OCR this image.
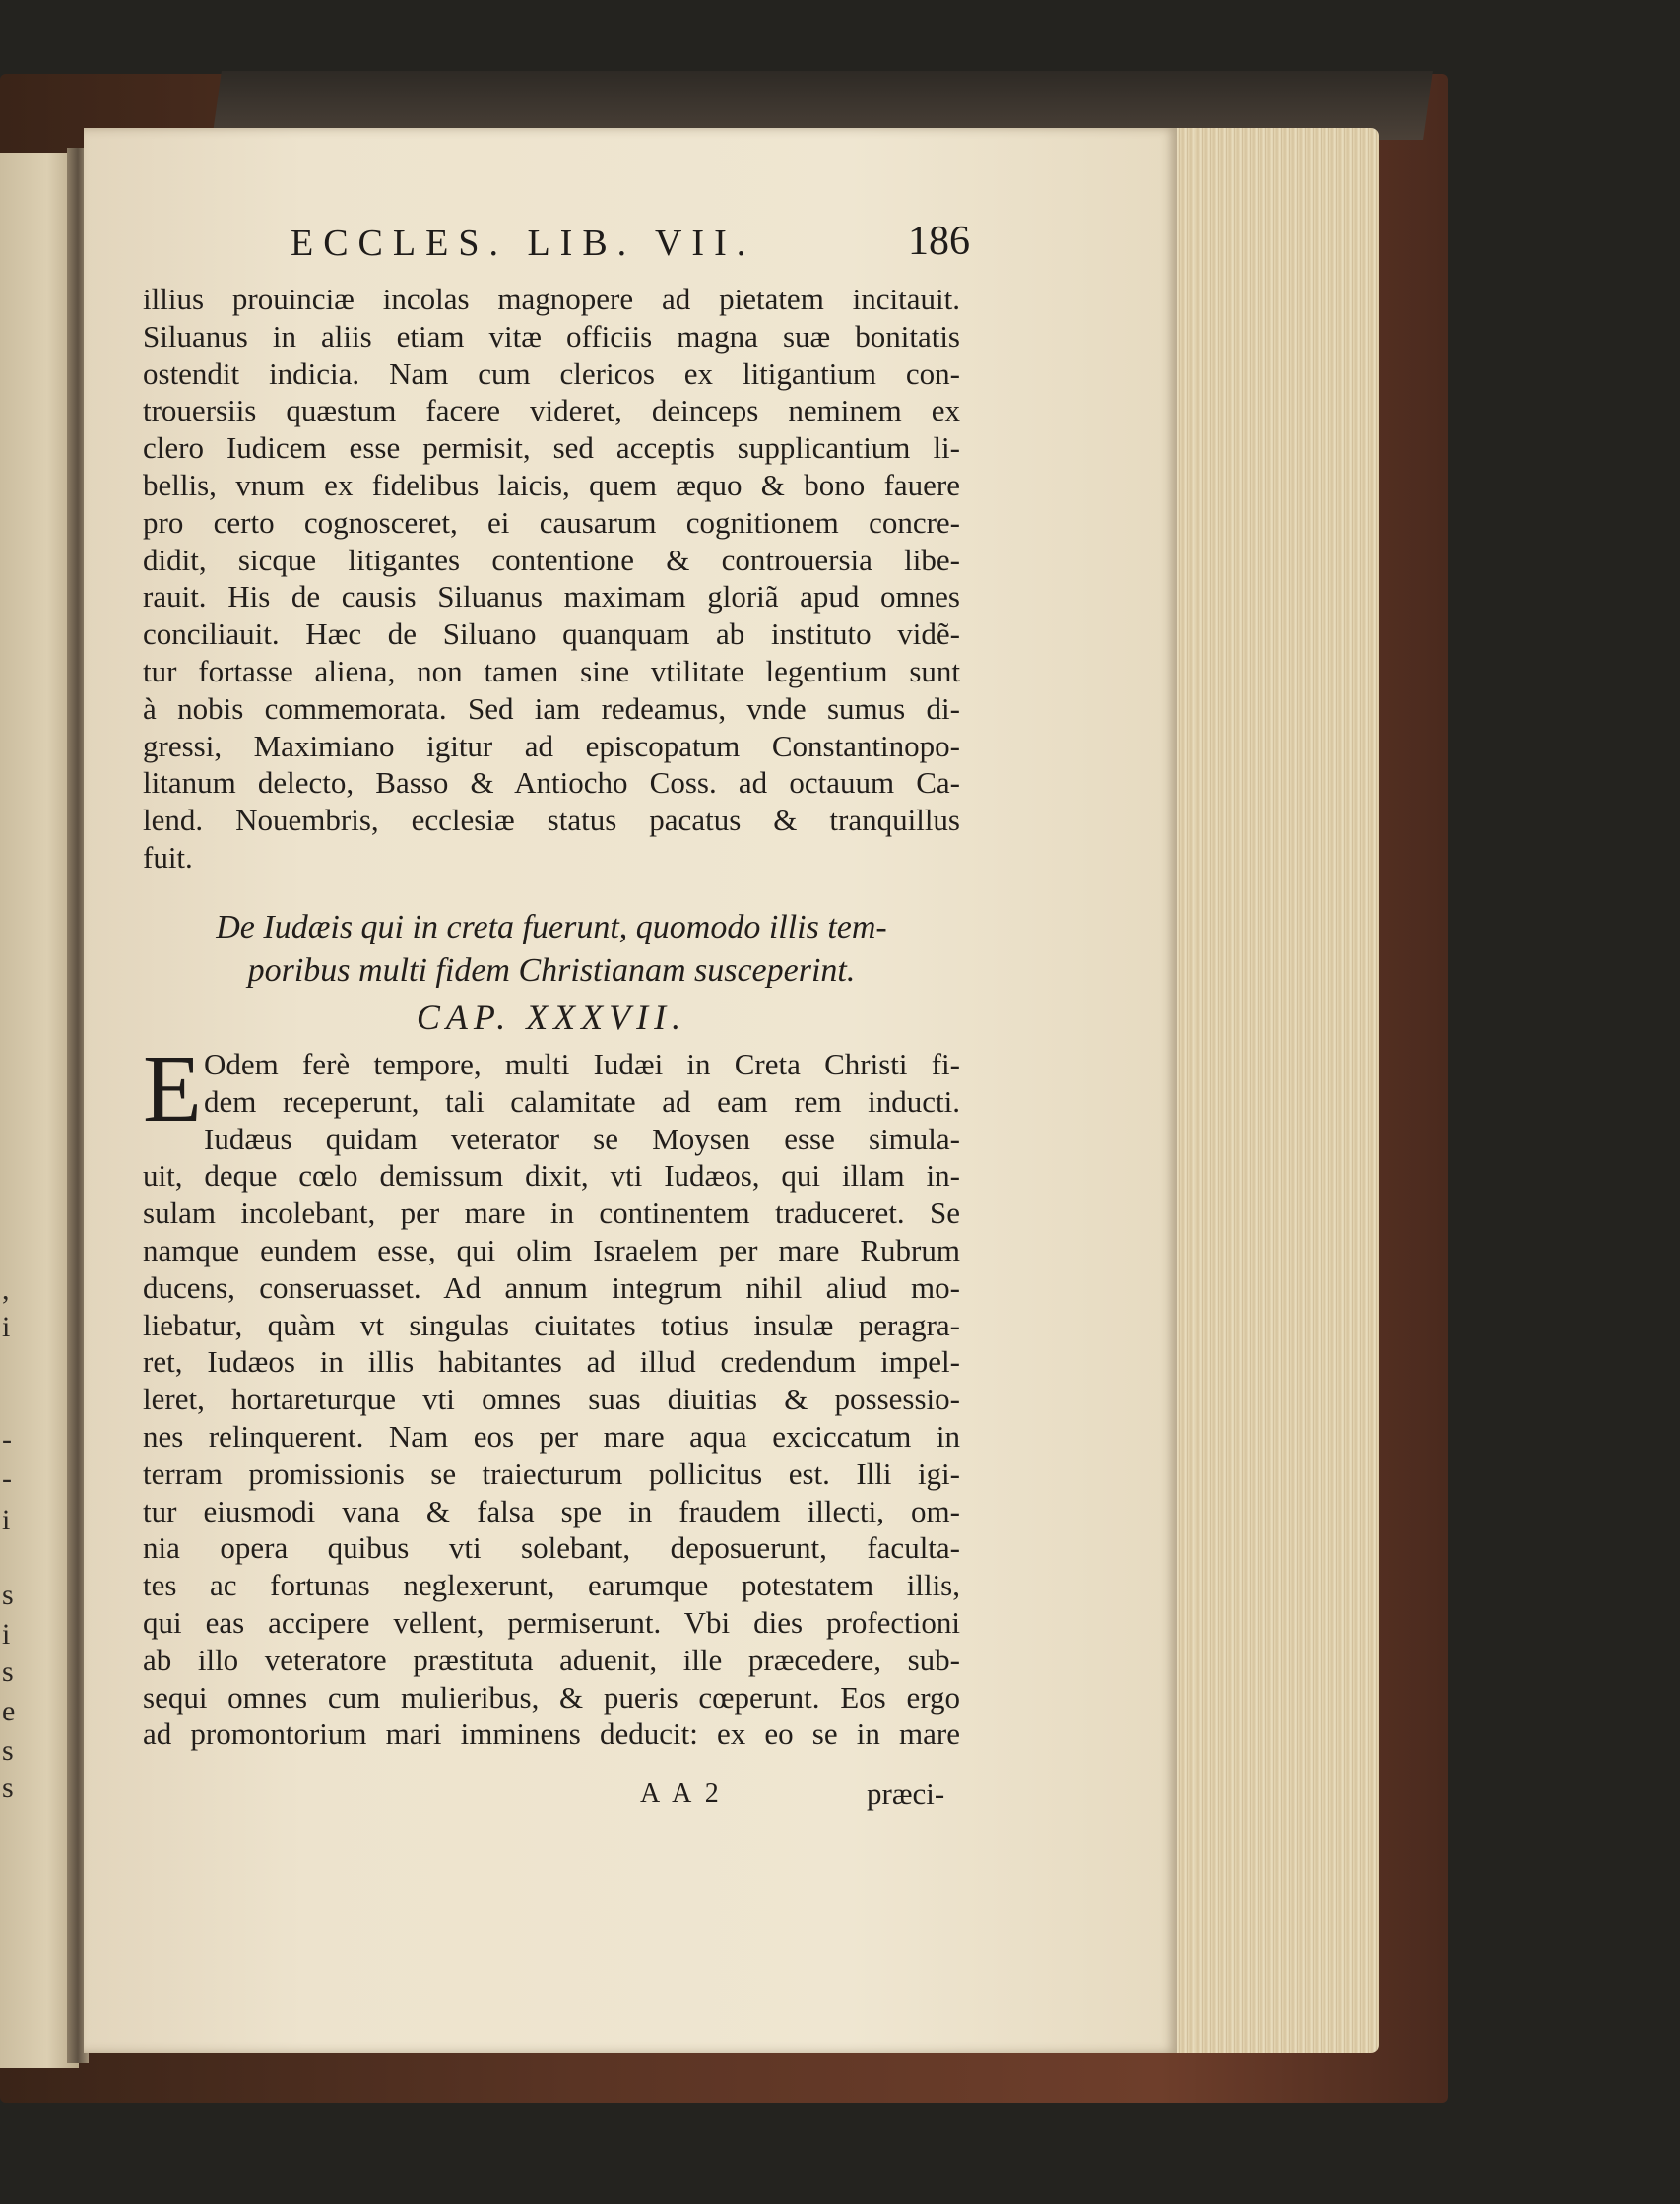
,
i
-
-
i
s
i
s
e
s
s
ECCLES. LIB. VII.	186
illius prouinciæ incolas magnopere ad pietatem incitauit.
Siluanus in aliis etiam vitæ officiis magna suæ bonitatis
ostendit indicia. Nam cum clericos ex litigantium con-
trouersiis quæstum facere videret, deinceps neminem ex
clero Iudicem esse permisit, sed acceptis supplicantium li-
bellis, vnum ex fidelibus laicis, quem æquo & bono fauere
pro certo cognosceret, ei causarum cognitionem concre-
didit, sicque litigantes contentione & controuersia libe-
rauit. His de causis Siluanus maximam gloriã apud omnes
conciliauit. Hæc de Siluano quanquam ab instituto vidẽ-
tur fortasse aliena, non tamen sine vtilitate legentium sunt
à nobis commemorata. Sed iam redeamus, vnde sumus di-
gressi, Maximiano igitur ad episcopatum Constantinopo-
litanum delecto, Basso & Antiocho Coss. ad octauum Ca-
lend. Nouembris, ecclesiæ status pacatus & tranquillus
fuit.
De Iudæis qui in creta fuerunt, quomodo illis tem-
poribus multi fidem Christianam susceperint.
CAP. XXXVII.
E Odem ferè tempore, multi Iudæi in Creta Christi fi-
dem receperunt, tali calamitate ad eam rem inducti.
Iudæus quidam veterator se Moysen esse simula-
uit, deque cœlo demissum dixit, vti Iudæos, qui illam in-
sulam incolebant, per mare in continentem traduceret. Se
namque eundem esse, qui olim Israelem per mare Rubrum
ducens, conseruasset. Ad annum integrum nihil aliud mo-
liebatur, quàm vt singulas ciuitates totius insulæ peragra-
ret, Iudæos in illis habitantes ad illud credendum impel-
leret, hortareturque vti omnes suas diuitias & possessio-
nes relinquerent. Nam eos per mare aqua exciccatum in
terram promissionis se traiecturum pollicitus est. Illi igi-
tur eiusmodi vana & falsa spe in fraudem illecti, om-
nia opera quibus vti solebant, deposuerunt, faculta-
tes ac fortunas neglexerunt, earumque potestatem illis,
qui eas accipere vellent, permiserunt. Vbi dies profectioni
ab illo veteratore præstituta aduenit, ille præcedere, sub-
sequi omnes cum mulieribus, & pueris cœperunt. Eos ergo
ad promontorium mari imminens deducit: ex eo se in mare
A A 2	præci-
